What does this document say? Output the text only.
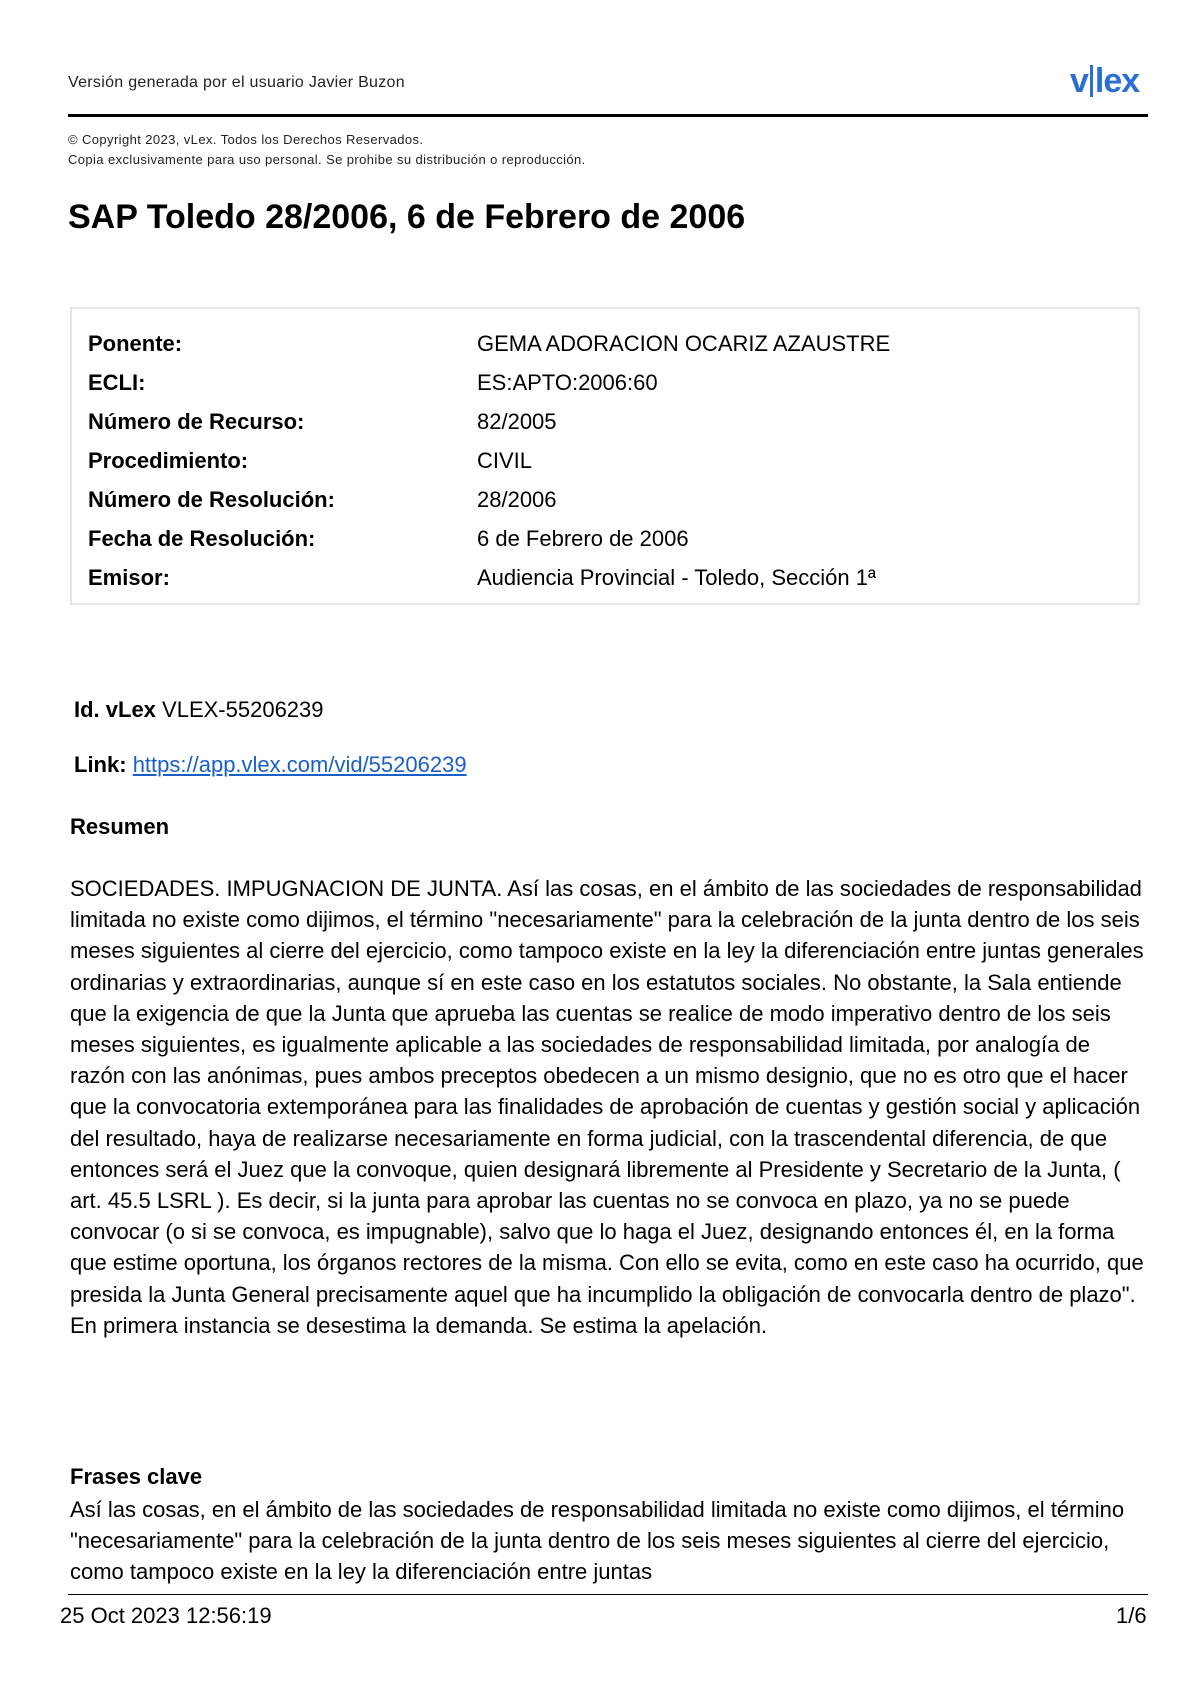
Versión generada por el usuario Javier Buzon	v lex
© Copyright 2023, vLex. Todos los Derechos Reservados.
Copia exclusivamente para uso personal. Se prohibe su distribución o reproducción.
SAP Toledo 28/2006, 6 de Febrero de 2006
Ponente:	GEMA ADORACION OCARIZ AZAUSTRE
ECLI:	ES:APTO:2006:60
Número de Recurso:	82/2005
Procedimiento:	CIVIL
Número de Resolución:	28/2006
Fecha de Resolución:	6 de Febrero de 2006
Emisor:	Audiencia Provincial - Toledo, Sección 1ª
Id. vLex VLEX-55206239
Link: https://app.vlex.com/vid/55206239
Resumen
SOCIEDADES. IMPUGNACION DE JUNTA. Así las cosas, en el ámbito de las sociedades de responsabilidad limitada no existe como dijimos, el término "necesariamente" para la celebración de la junta dentro de los seis meses siguientes al cierre del ejercicio, como tampoco existe en la ley la diferenciación entre juntas generales ordinarias y extraordinarias, aunque sí en este caso en los estatutos sociales. No obstante, la Sala entiende que la exigencia de que la Junta que aprueba las cuentas se realice de modo imperativo dentro de los seis meses siguientes, es igualmente aplicable a las sociedades de responsabilidad limitada, por analogía de razón con las anónimas, pues ambos preceptos obedecen a un mismo designio, que no es otro que el hacer que la convocatoria extemporánea para las finalidades de aprobación de cuentas y gestión social y aplicación del resultado, haya de realizarse necesariamente en forma judicial, con la trascendental diferencia, de que entonces será el Juez que la convoque, quien designará libremente al Presidente y Secretario de la Junta, ( art. 45.5 LSRL ). Es decir, si la junta para aprobar las cuentas no se convoca en plazo, ya no se puede convocar (o si se convoca, es impugnable), salvo que lo haga el Juez, designando entonces él, en la forma que estime oportuna, los órganos rectores de la misma. Con ello se evita, como en este caso ha ocurrido, que presida la Junta General precisamente aquel que ha incumplido la obligación de convocarla dentro de plazo". En primera instancia se desestima la demanda. Se estima la apelación.
Frases clave
Así las cosas, en el ámbito de las sociedades de responsabilidad limitada no existe como dijimos, el término "necesariamente" para la celebración de la junta dentro de los seis meses siguientes al cierre del ejercicio, como tampoco existe en la ley la diferenciación entre juntas
25 Oct 2023 12:56:19	1/6
